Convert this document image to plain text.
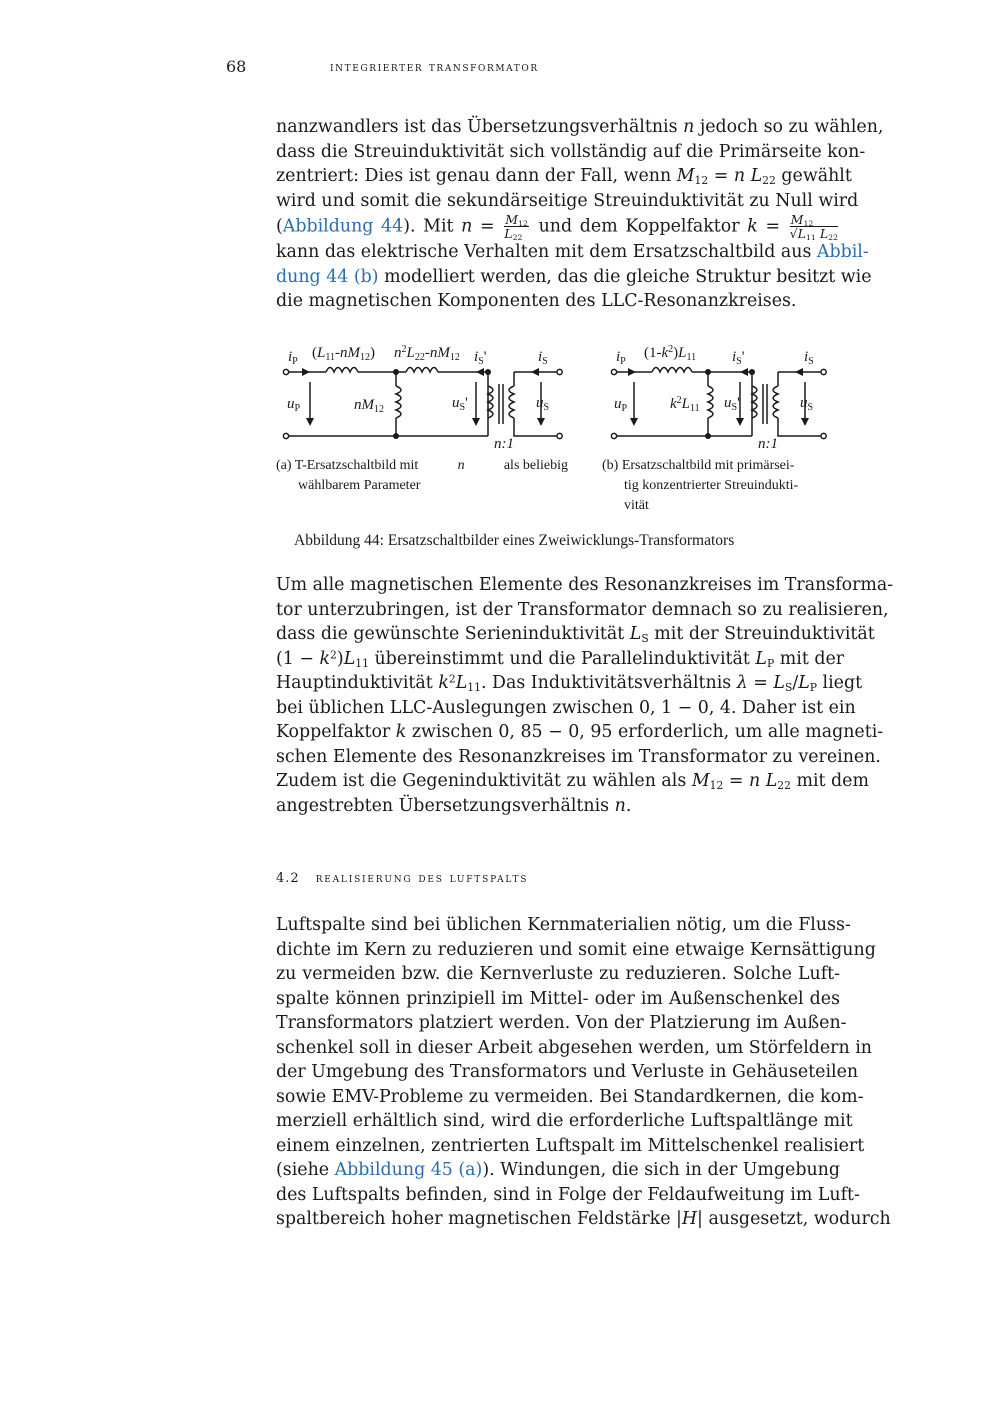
68	integrierter transformator

nanzwandlers ist das Übersetzungsverhältnis n jedoch so zu wählen,
dass die Streuinduktivität sich vollständig auf die Primärseite kon-
zentriert: Dies ist genau dann der Fall, wenn $M_{12} = n$ $L_{22}$ gewählt
wird und somit die sekundärseitige Streuinduktivität zu Null wird
(Abbildung 44). Mit $n = \frac{M_{12}}{L_{22}}$ und dem Koppelfaktor $k = \frac{M_{12}}{√L_{11} L_{22}}$
kann das elektrische Verhalten mit dem Ersatzschaltbild aus Abbil-
dung 44 (b) modelliert werden, das die gleiche Struktur besitzt wie
die magnetischen Komponenten des LLC-Resonanzkreises.

$i_P$
$(L_{11}-nM_{12})$ $n^2L_{22}-nM_{12}$ $i_S'$	$i_S$
$u_P$	$nM_{12}$	$u_S'$	$u_S$
n:1
$i_P$
$(1-k^2)L_{11}$ $i_S'$	$i_S$
$u_P$	$k^2L_{11}$ $u_S'$	$u_S$
n:1
(a) T-Ersatzschaltbild mit	n	als beliebig
wählbarem Parameter
(b) Ersatzschaltbild mit primärsei-
tig konzentrierter Streuindukti-
vität
Abbildung 44: Ersatzschaltbilder eines Zweiwicklungs-Transformators

Um alle magnetischen Elemente des Resonanzkreises im Transforma-
tor unterzubringen, ist der Transformator demnach so zu realisieren,
dass die gewünschte Serieninduktivität $L_S$ mit der Streuinduktivität
$(1 - k^2)L_{11}$ übereinstimmt und die Parallelinduktivität $L_P$ mit der
Hauptinduktivität $k^2L_{11}$. Das Induktivitätsverhältnis $\lambda = L_S/L_P$ liegt
bei üblichen LLC-Auslegungen zwischen 0, 1 − 0, 4. Daher ist ein
Koppelfaktor k zwischen 0, 85 − 0, 95 erforderlich, um alle magneti-
schen Elemente des Resonanzkreises im Transformator zu vereinen.
Zudem ist die Gegeninduktivität zu wählen als $M_{12} = n$ $L_{22}$ mit dem
angestrebten Übersetzungsverhältnis n.

4.2 realisierung des luftspalts

Luftspalte sind bei üblichen Kernmaterialien nötig, um die Fluss-
dichte im Kern zu reduzieren und somit eine etwaige Kernsättigung
zu vermeiden bzw. die Kernverluste zu reduzieren. Solche Luft-
spalte können prinzipiell im Mittel- oder im Außenschenkel des
Transformators platziert werden. Von der Platzierung im Außen-
schenkel soll in dieser Arbeit abgesehen werden, um Störfeldern in
der Umgebung des Transformators und Verluste in Gehäuseteilen
sowie EMV-Probleme zu vermeiden. Bei Standardkernen, die kom-
merziell erhältlich sind, wird die erforderliche Luftspaltlänge mit
einem einzelnen, zentrierten Luftspalt im Mittelschenkel realisiert
(siehe Abbildung 45 (a)). Windungen, die sich in der Umgebung
des Luftspalts befinden, sind in Folge der Feldaufweitung im Luft-
spaltbereich hoher magnetischen Feldstärke |H| ausgesetzt, wodurch
